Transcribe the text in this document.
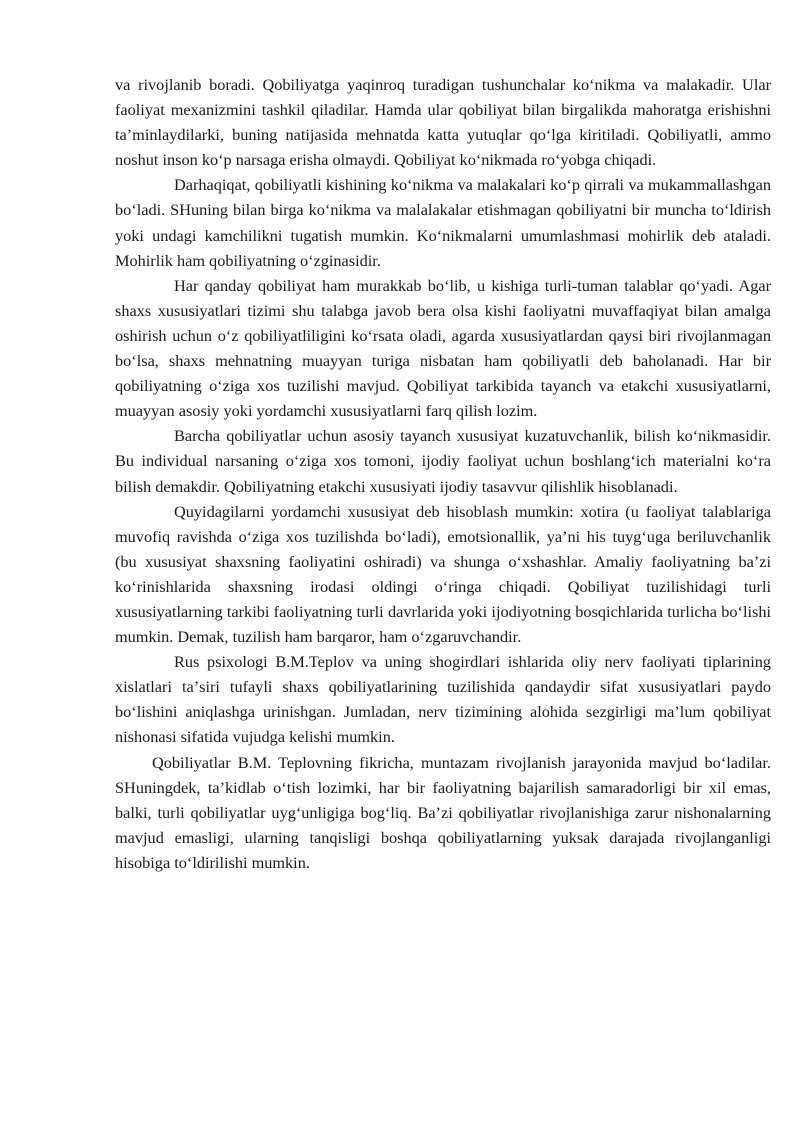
va rivojlanib boradi. Qobiliyatga yaqinroq turadigan tushunchalar koʻnikma va malakadir. Ular faoliyat mexanizmini tashkil qiladilar. Hamda ular qobiliyat bilan birgalikda mahoratga erishishni taʼminlaydilarki, buning natijasida mehnatda katta yutuqlar qoʻlga kiritiladi. Qobiliyatli, ammo noshut inson koʻp narsaga erisha olmaydi. Qobiliyat koʻnikmada roʻyobga chiqadi.

Darhaqiqat, qobiliyatli kishining koʻnikma va malakalari koʻp qirrali va mukammallashgan boʻladi. SHuning bilan birga koʻnikma va malalakalar etishmagan qobiliyatni bir muncha toʻldirish yoki undagi kamchilikni tugatish mumkin. Koʻnikmalarni umumlashmasi mohirlik deb ataladi. Mohirlik ham qobiliyatning oʻzginasidir.

Har qanday qobiliyat ham murakkab boʻlib, u kishiga turli-tuman talablar qoʻyadi. Agar shaxs xususiyatlari tizimi shu talabga javob bera olsa kishi faoliyatni muvaffaqiyat bilan amalga oshirish uchun oʻz qobiliyatliligini koʻrsata oladi, agarda xususiyatlardan qaysi biri rivojlanmagan boʻlsa, shaxs mehnatning muayyan turiga nisbatan ham qobiliyatli deb baholanadi. Har bir qobiliyatning oʻziga xos tuzilishi mavjud. Qobiliyat tarkibida tayanch va etakchi xususiyatlarni, muayyan asosiy yoki yordamchi xususiyatlarni farq qilish lozim.

Barcha qobiliyatlar uchun asosiy tayanch xususiyat kuzatuvchanlik, bilish koʻnikmasidir. Bu individual narsaning oʻziga xos tomoni, ijodiy faoliyat uchun boshlangʻich materialni koʻra bilish demakdir. Qobiliyatning etakchi xususiyati ijodiy tasavvur qilishlik hisoblanadi.

Quyidagilarni yordamchi xususiyat deb hisoblash mumkin: xotira (u faoliyat talablariga muvofiq ravishda oʻziga xos tuzilishda boʻladi), emotsionallik, yaʼni his tuygʻuga beriluvchanlik (bu xususiyat shaxsning faoliyatini oshiradi) va shunga oʻxshashlar. Amaliy faoliyatning baʼzi koʻrinishlarida shaxsning irodasi oldingi oʻringa chiqadi. Qobiliyat tuzilishidagi turli xususiyatlarning tarkibi faoliyatning turli davrlarida yoki ijodiyotning bosqichlarida turlicha boʻlishi mumkin. Demak, tuzilish ham barqaror, ham oʻzgaruvchandir.

Rus psixologi B.M.Teplov va uning shogirdlari ishlarida oliy nerv faoliyati tiplarining xislatlari taʼsiri tufayli shaxs qobiliyatlarining tuzilishida qandaydir sifat xususiyatlari paydo boʻlishini aniqlashga urinishgan. Jumladan, nerv tizimining alohida sezgirligi maʼlum qobiliyat nishonasi sifatida vujudga kelishi mumkin.

Qobiliyatlar B.M. Teplovning fikricha, muntazam rivojlanish jarayonida mavjud boʻladilar. SHuningdek, taʼkidlab oʻtish lozimki, har bir faoliyatning bajarilish samaradorligi bir xil emas, balki, turli qobiliyatlar uygʻunligiga bogʻliq. Baʼzi qobiliyatlar rivojlanishiga zarur nishonalarning mavjud emasligi, ularning tanqisligi boshqa qobiliyatlarning yuksak darajada rivojlanganligi hisobiga toʻldirilishi mumkin.
